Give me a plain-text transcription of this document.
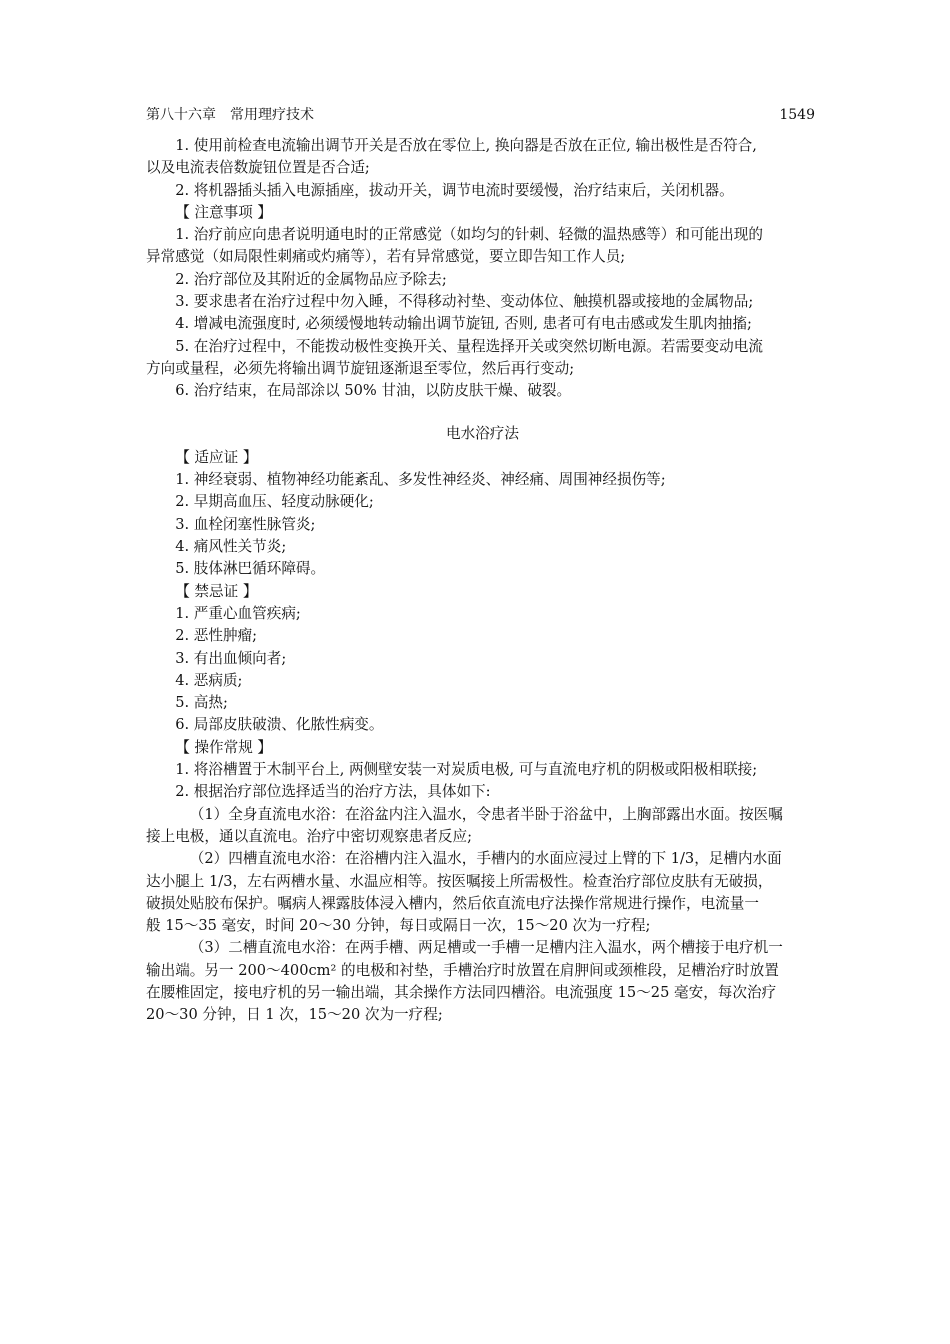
第八十六章　常用理疗技术	1549

1. 使用前检查电流输出调节开关是否放在零位上, 换向器是否放在正位, 输出极性是否符合,
以及电流表倍数旋钮位置是否合适;

2. 将机器插头插入电源插座，拔动开关，调节电流时要缓慢，治疗结束后，关闭机器。

【 注意事项 】

1. 治疗前应向患者说明通电时的正常感觉（如均匀的针刺、轻微的温热感等）和可能出现的
异常感觉（如局限性刺痛或灼痛等），若有异常感觉，要立即告知工作人员;

2. 治疗部位及其附近的金属物品应予除去;

3. 要求患者在治疗过程中勿入睡，不得移动衬垫、变动体位、触摸机器或接地的金属物品;

4. 增减电流强度时, 必须缓慢地转动输出调节旋钮, 否则, 患者可有电击感或发生肌肉抽搐;

5. 在治疗过程中，不能拨动极性变换开关、量程选择开关或突然切断电源。若需要变动电流
方向或量程，必须先将输出调节旋钮逐渐退至零位，然后再行变动;

6. 治疗结束，在局部涂以 50% 甘油，以防皮肤干燥、破裂。

电水浴疗法

【 适应证 】

1. 神经衰弱、植物神经功能紊乱、多发性神经炎、神经痛、周围神经损伤等;

2. 早期高血压、轻度动脉硬化;

3. 血栓闭塞性脉管炎;

4. 痛风性关节炎;

5. 肢体淋巴循环障碍。

【 禁忌证 】

1. 严重心血管疾病;

2. 恶性肿瘤;

3. 有出血倾向者;

4. 恶病质;

5. 高热;

6. 局部皮肤破溃、化脓性病变。

【 操作常规 】

1. 将浴槽置于木制平台上, 两侧壁安装一对炭质电极, 可与直流电疗机的阴极或阳极相联接;

2. 根据治疗部位选择适当的治疗方法，具体如下:

（1）全身直流电水浴：在浴盆内注入温水，令患者半卧于浴盆中，上胸部露出水面。按医嘱
接上电极，通以直流电。治疗中密切观察患者反应;

（2）四槽直流电水浴：在浴槽内注入温水，手槽内的水面应浸过上臂的下 1/3，足槽内水面
达小腿上 1/3，左右两槽水量、水温应相等。按医嘱接上所需极性。检查治疗部位皮肤有无破损，
破损处贴胶布保护。嘱病人裸露肢体浸入槽内，然后依直流电疗法操作常规进行操作，电流量一
般 15～35 毫安，时间 20～30 分钟，每日或隔日一次，15～20 次为一疗程;

（3）二槽直流电水浴：在两手槽、两足槽或一手槽一足槽内注入温水，两个槽接于电疗机一
输出端。另一 200～400cm² 的电极和衬垫，手槽治疗时放置在肩胛间或颈椎段，足槽治疗时放置
在腰椎固定，接电疗机的另一输出端，其余操作方法同四槽浴。电流强度 15～25 毫安，每次治疗
20～30 分钟，日 1 次，15～20 次为一疗程;
